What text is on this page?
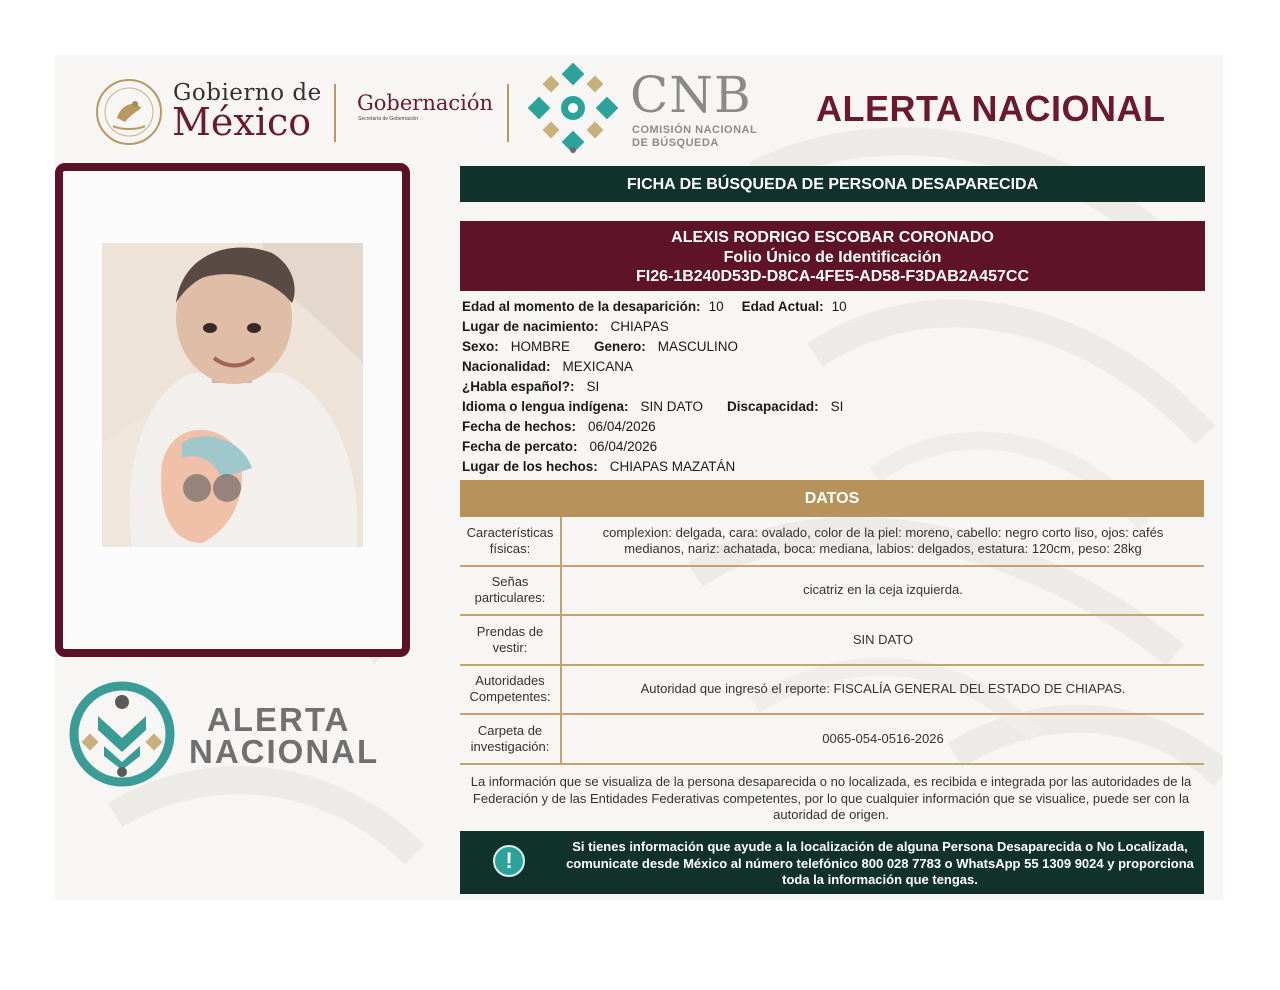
Gobierno de
México Gobernación
Secretaría de Gobernación	CNB
COMISIÓN NACIONAL
DE BÚSQUEDA
ALERTA NACIONAL
ALERTA
NACIONAL
FICHA DE BÚSQUEDA DE PERSONA DESAPARECIDA
ALEXIS RODRIGO ESCOBAR CORONADO
Folio Único de Identificación
FI26-1B240D53D-D8CA-4FE5-AD58-F3DAB2A457CC
Edad al momento de la desaparición: 10 Edad Actual: 10
Lugar de nacimiento: CHIAPAS
Sexo: HOMBRE Genero: MASCULINO
Nacionalidad: MEXICANA
¿Habla español?: SI
Idioma o lengua indígena: SIN DATO Discapacidad: SI
Fecha de hechos: 06/04/2026
Fecha de percato: 06/04/2026
Lugar de los hechos: CHIAPAS MAZATÁN
DATOS
Características
físicas:
complexion: delgada, cara: ovalado, color de la piel: moreno, cabello: negro corto liso, ojos: cafés medianos, nariz: achatada, boca: mediana, labios: delgados, estatura: 120cm, peso: 28kg
Señas
particulares:
cicatriz en la ceja izquierda.
Prendas de
vestir:
SIN DATO
Autoridades
Competentes:
Autoridad que ingresó el reporte: FISCALÍA GENERAL DEL ESTADO DE CHIAPAS.
Carpeta de
investigación:
0065-054-0516-2026
La información que se visualiza de la persona desaparecida o no localizada, es recibida e integrada por las autoridades de la Federación y de las Entidades Federativas competentes, por lo que cualquier información que se visualice, puede ser con la autoridad de origen.
!
Si tienes información que ayude a la localización de alguna Persona Desaparecida o No Localizada, comunicate desde México al número telefónico 800 028 7783 o WhatsApp 55 1309 9024 y proporciona toda la información que tengas.
